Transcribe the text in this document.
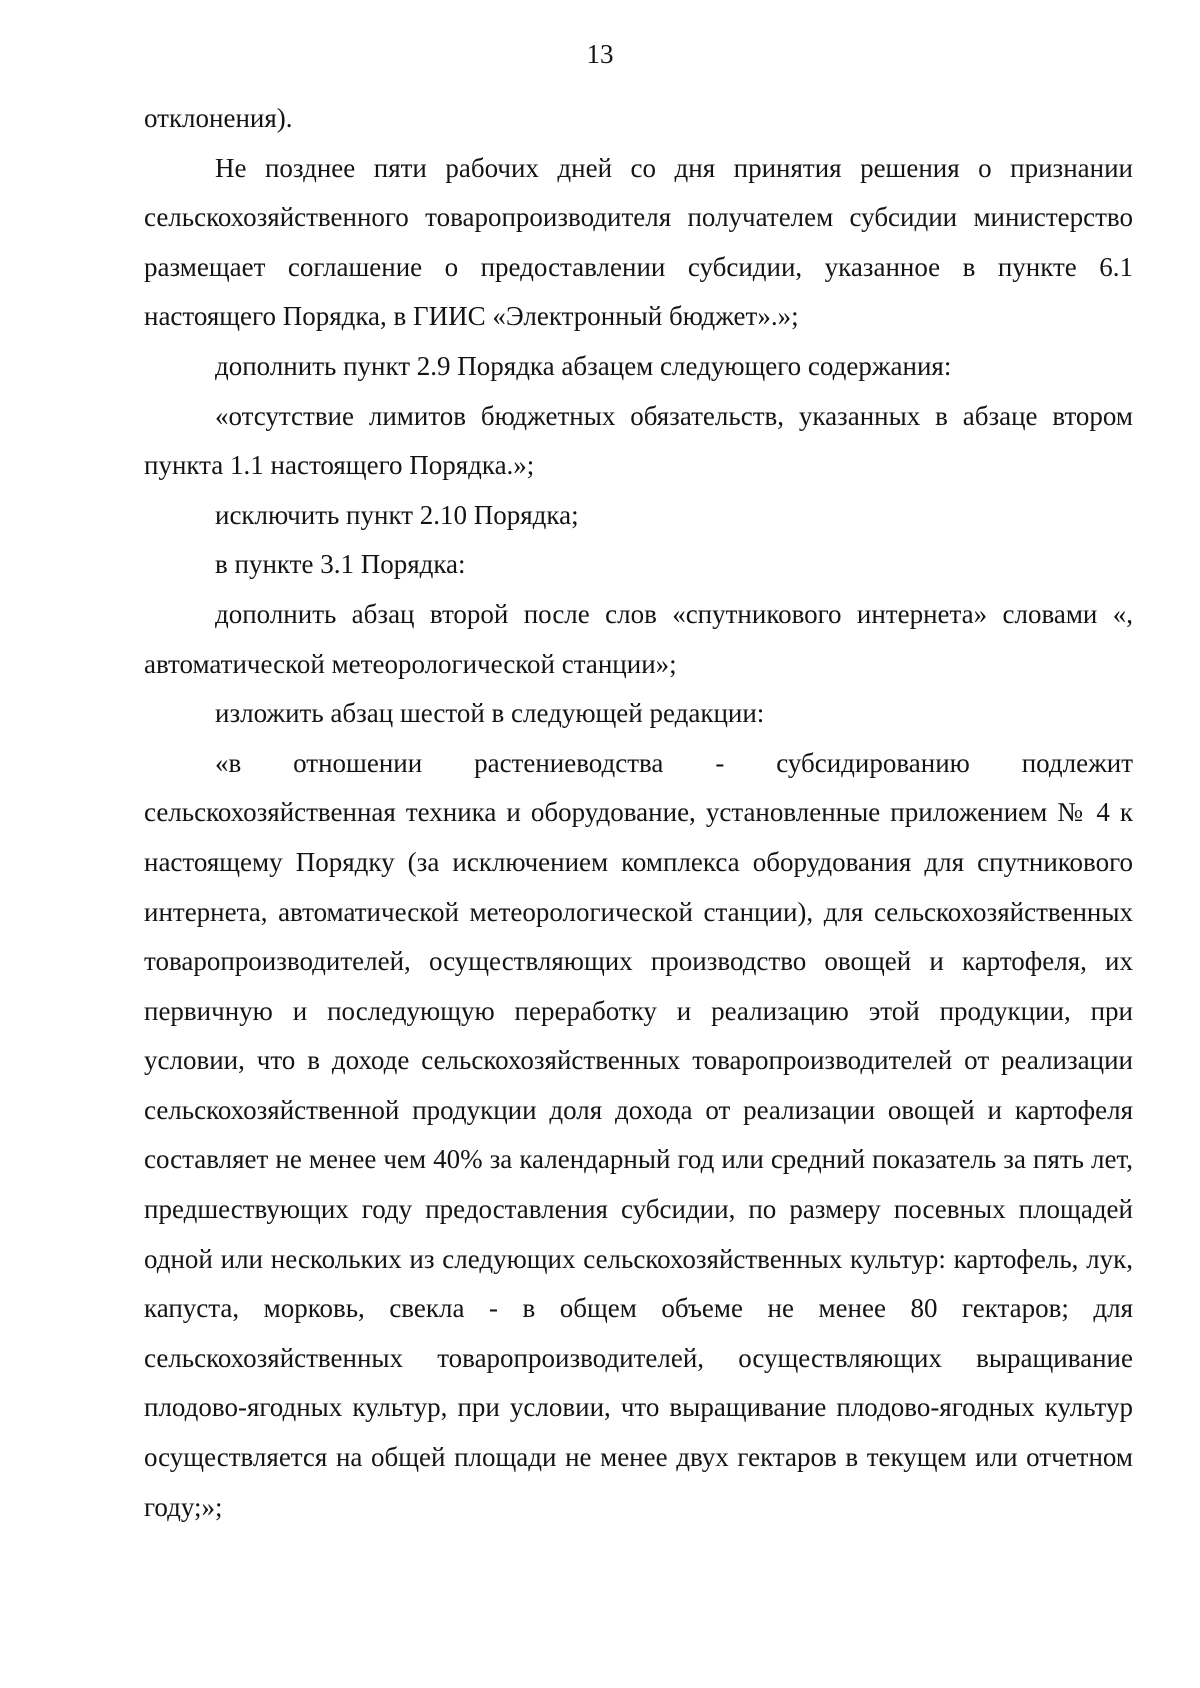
13

отклонения).

Не позднее пяти рабочих дней со дня принятия решения о признании сельскохозяйственного товаропроизводителя получателем субсидии министерство размещает соглашение о предоставлении субсидии, указанное в пункте 6.1 настоящего Порядка, в ГИИС «Электронный бюджет».»;

дополнить пункт 2.9 Порядка абзацем следующего содержания:

«отсутствие лимитов бюджетных обязательств, указанных в абзаце втором пункта 1.1 настоящего Порядка.»;

исключить пункт 2.10 Порядка;

в пункте 3.1 Порядка:

дополнить абзац второй после слов «спутникового интернета» словами «, автоматической метеорологической станции»;

изложить абзац шестой в следующей редакции:

«в отношении растениеводства - субсидированию подлежит сельскохозяйственная техника и оборудование, установленные приложением № 4 к настоящему Порядку (за исключением комплекса оборудования для спутникового интернета, автоматической метеорологической станции), для сельскохозяйственных товаропроизводителей, осуществляющих производство овощей и картофеля, их первичную и последующую переработку и реализацию этой продукции, при условии, что в доходе сельскохозяйственных товаропроизводителей от реализации сельскохозяйственной продукции доля дохода от реализации овощей и картофеля составляет не менее чем 40% за календарный год или средний показатель за пять лет, предшествующих году предоставления субсидии, по размеру посевных площадей одной или нескольких из следующих сельскохозяйственных культур: картофель, лук, капуста, морковь, свекла - в общем объеме не менее 80 гектаров; для сельскохозяйственных товаропроизводителей, осуществляющих выращивание плодово-ягодных культур, при условии, что выращивание плодово-ягодных культур осуществляется на общей площади не менее двух гектаров в текущем или отчетном году;»;
